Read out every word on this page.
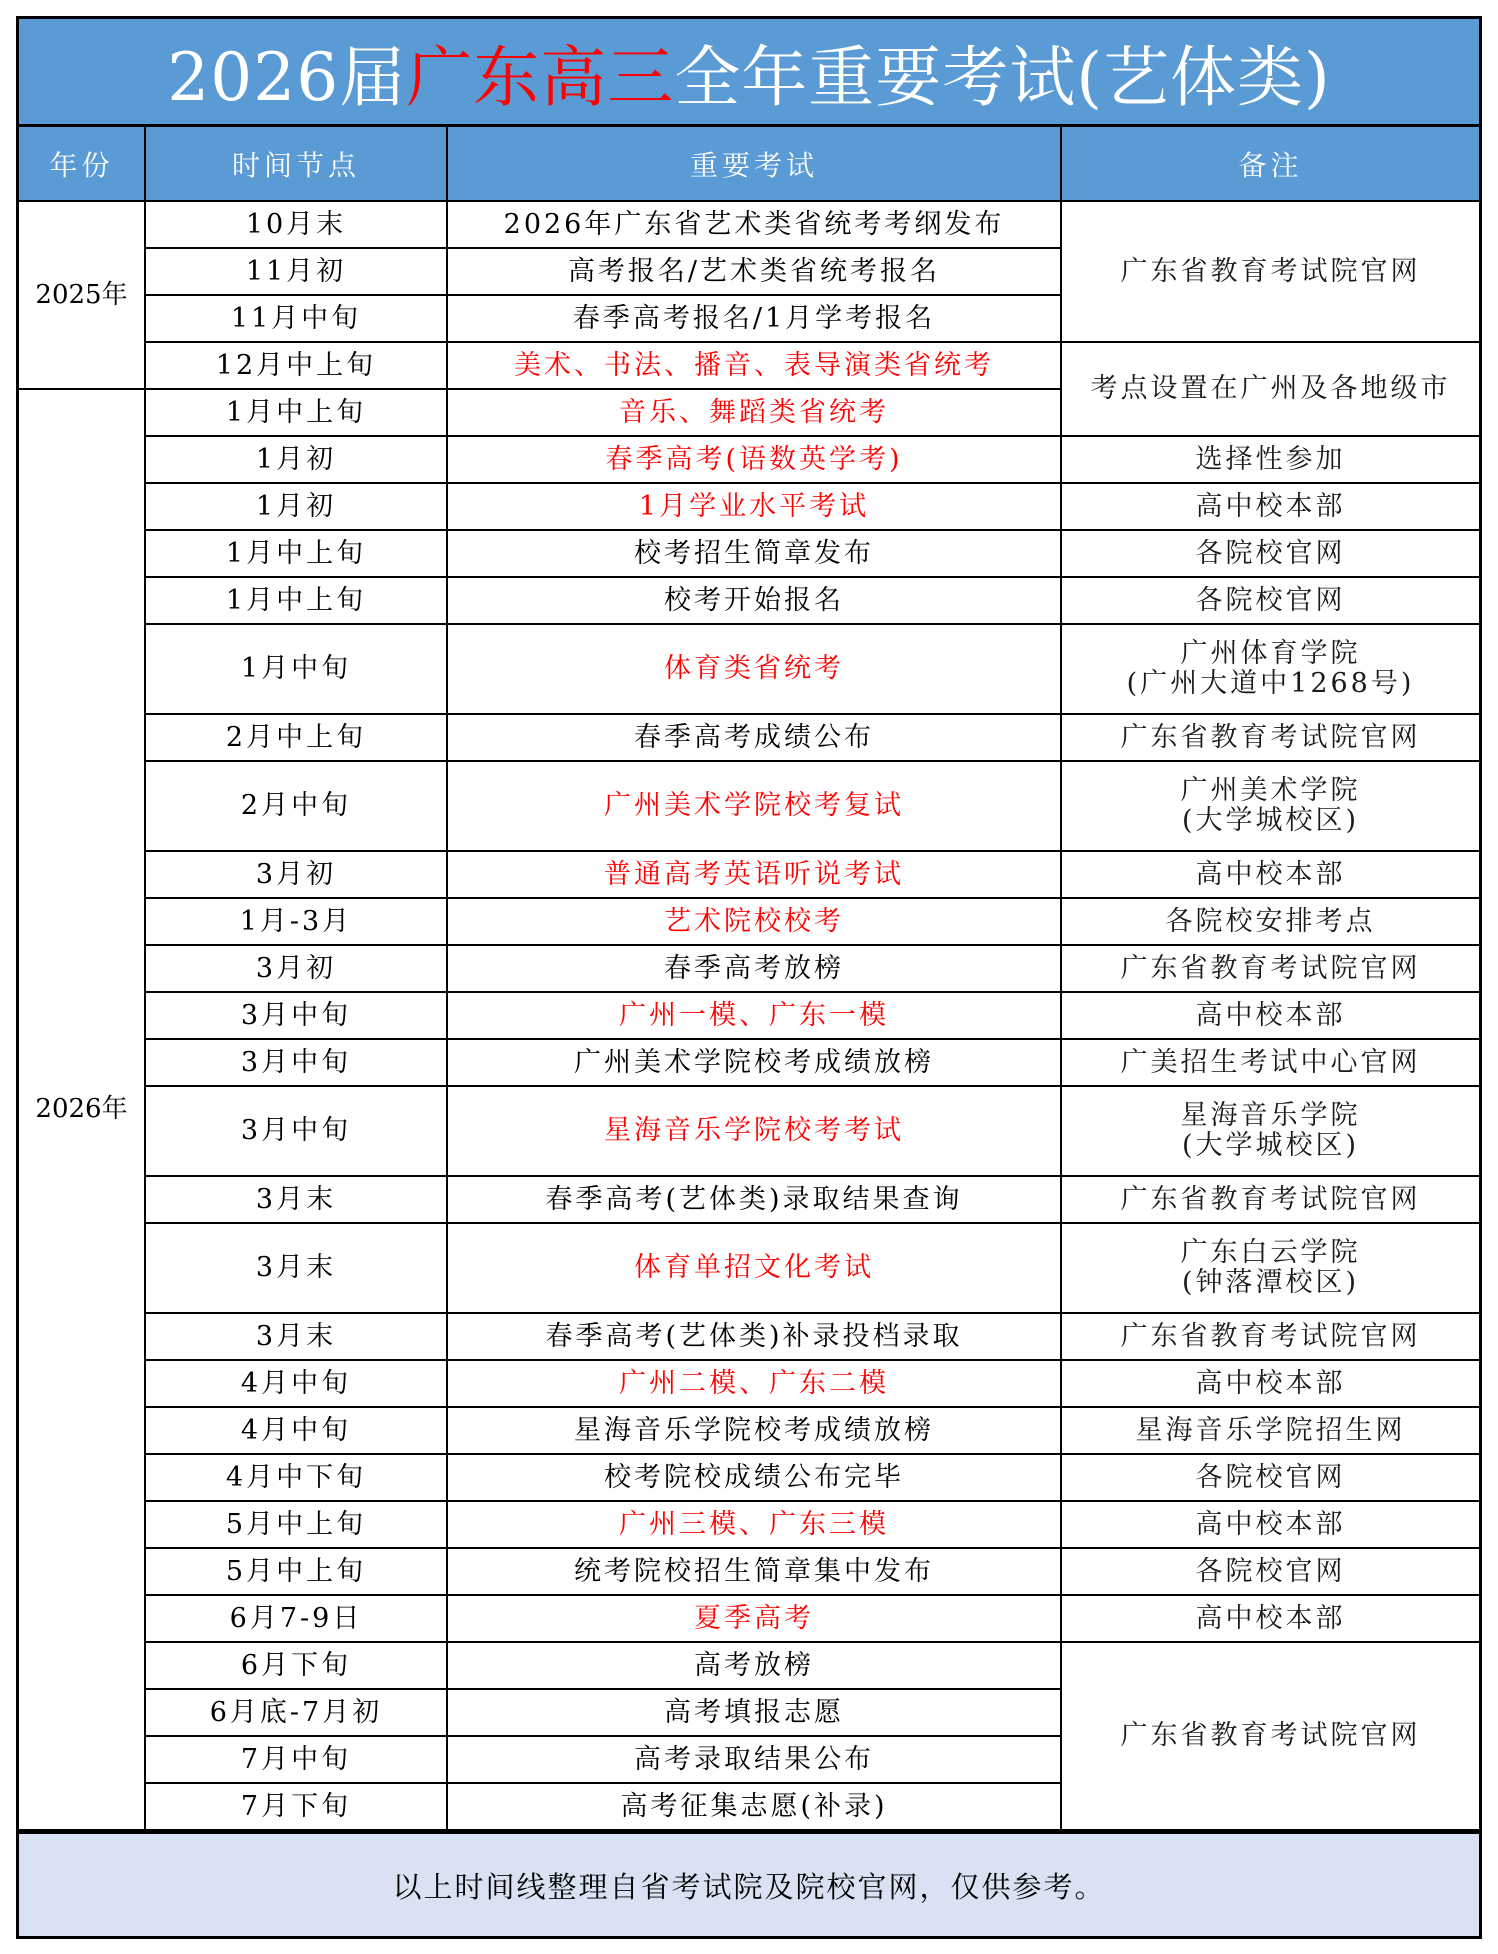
2026届 广东高三 全年重要考试(艺体类)
年份	时间节点	重要考试	备注
2025年	10月末	2026年广东省艺术类省统考考纲发布	广东省教育考试院官网
	11月初	高考报名/艺术类省统考报名	
	11月中旬	春季高考报名/1月学考报名	
	12月中上旬	美术、书法、播音、表导演类省统考	考点设置在广州及各地级市
2026年	1月中上旬	音乐、舞蹈类省统考	
	1月初	春季高考(语数英学考)	选择性参加
	1月初	1月学业水平考试	高中校本部
	1月中上旬	校考招生简章发布	各院校官网
	1月中上旬	校考开始报名	各院校官网
	1月中旬	体育类省统考	广州体育学院
(广州大道中1268号)

	2月中上旬	春季高考成绩公布	广东省教育考试院官网
	2月中旬	广州美术学院校考复试	广州美术学院
(大学城校区)

	3月初	普通高考英语听说考试	高中校本部
	1月-3月	艺术院校校考	各院校安排考点
	3月初	春季高考放榜	广东省教育考试院官网
	3月中旬	广州一模、广东一模	高中校本部
	3月中旬	广州美术学院校考成绩放榜	广美招生考试中心官网
	3月中旬	星海音乐学院校考考试	星海音乐学院
(大学城校区)

	3月末	春季高考(艺体类)录取结果查询	广东省教育考试院官网
	3月末	体育单招文化考试	广东白云学院
(钟落潭校区)

	3月末	春季高考(艺体类)补录投档录取	广东省教育考试院官网
	4月中旬	广州二模、广东二模	高中校本部
	4月中旬	星海音乐学院校考成绩放榜	星海音乐学院招生网
	4月中下旬	校考院校成绩公布完毕	各院校官网
	5月中上旬	广州三模、广东三模	高中校本部
	5月中上旬	统考院校招生简章集中发布	各院校官网
	6月7-9日	夏季高考	高中校本部
	6月下旬	高考放榜	广东省教育考试院官网
	6月底-7月初	高考填报志愿	
	7月中旬	高考录取结果公布	
	7月下旬	高考征集志愿(补录)	
以上时间线整理自省考试院及院校官网，仅供参考。
